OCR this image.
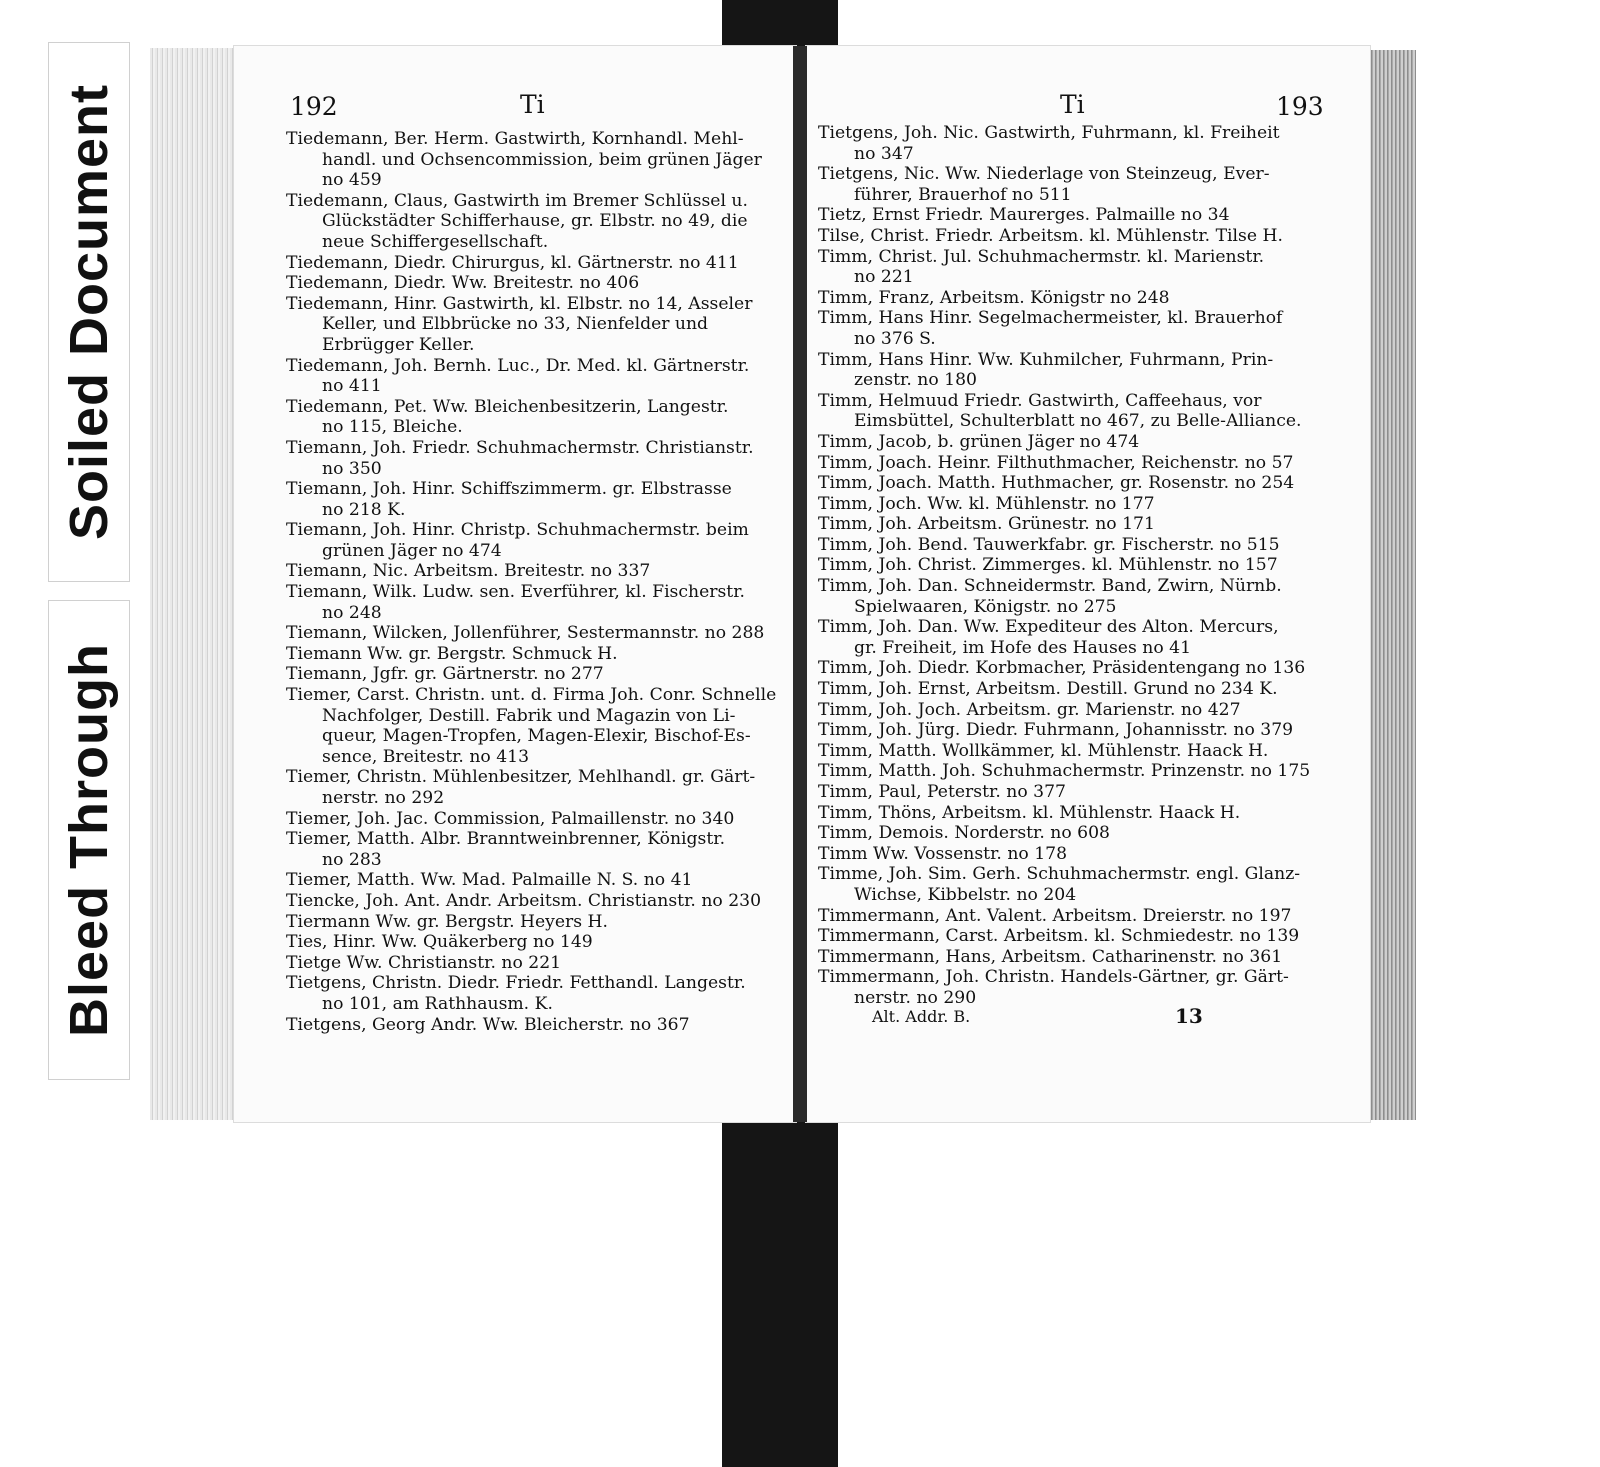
Soiled Document
Bleed Through
192	Ti	Ti	193
Tiedemann, Ber. Herm. Gastwirth, Kornhandl. Mehl-
handl. und Ochsencommission, beim grünen Jäger
no 459
Tiedemann, Claus, Gastwirth im Bremer Schlüssel u.
Glückstädter Schifferhause, gr. Elbstr. no 49, die
neue Schiffergesellschaft.
Tiedemann, Diedr. Chirurgus, kl. Gärtnerstr. no 411
Tiedemann, Diedr. Ww. Breitestr. no 406
Tiedemann, Hinr. Gastwirth, kl. Elbstr. no 14, Asseler
Keller, und Elbbrücke no 33, Nienfelder und
Erbrügger Keller.
Tiedemann, Joh. Bernh. Luc., Dr. Med. kl. Gärtnerstr.
no 411
Tiedemann, Pet. Ww. Bleichenbesitzerin, Langestr.
no 115, Bleiche.
Tiemann, Joh. Friedr. Schuhmachermstr. Christianstr.
no 350
Tiemann, Joh. Hinr. Schiffszimmerm. gr. Elbstrasse
no 218 K.
Tiemann, Joh. Hinr. Christp. Schuhmachermstr. beim
grünen Jäger no 474
Tiemann, Nic. Arbeitsm. Breitestr. no 337
Tiemann, Wilk. Ludw. sen. Everführer, kl. Fischerstr.
no 248
Tiemann, Wilcken, Jollenführer, Sestermannstr. no 288
Tiemann Ww. gr. Bergstr. Schmuck H.
Tiemann, Jgfr. gr. Gärtnerstr. no 277
Tiemer, Carst. Christn. unt. d. Firma Joh. Conr. Schnelle
Nachfolger, Destill. Fabrik und Magazin von Li-
queur, Magen-Tropfen, Magen-Elexir, Bischof-Es-
sence, Breitestr. no 413
Tiemer, Christn. Mühlenbesitzer, Mehlhandl. gr. Gärt-
nerstr. no 292
Tiemer, Joh. Jac. Commission, Palmaillenstr. no 340
Tiemer, Matth. Albr. Branntweinbrenner, Königstr.
no 283
Tiemer, Matth. Ww. Mad. Palmaille N. S. no 41
Tiencke, Joh. Ant. Andr. Arbeitsm. Christianstr. no 230
Tiermann Ww. gr. Bergstr. Heyers H.
Ties, Hinr. Ww. Quäkerberg no 149
Tietge Ww. Christianstr. no 221
Tietgens, Christn. Diedr. Friedr. Fetthandl. Langestr.
no 101, am Rathhausm. K.
Tietgens, Georg Andr. Ww. Bleicherstr. no 367
Tietgens, Joh. Nic. Gastwirth, Fuhrmann, kl. Freiheit
no 347
Tietgens, Nic. Ww. Niederlage von Steinzeug, Ever-
führer, Brauerhof no 511
Tietz, Ernst Friedr. Maurerges. Palmaille no 34
Tilse, Christ. Friedr. Arbeitsm. kl. Mühlenstr. Tilse H.
Timm, Christ. Jul. Schuhmachermstr. kl. Marienstr.
no 221
Timm, Franz, Arbeitsm. Königstr no 248
Timm, Hans Hinr. Segelmachermeister, kl. Brauerhof
no 376 S.
Timm, Hans Hinr. Ww. Kuhmilcher, Fuhrmann, Prin-
zenstr. no 180
Timm, Helmuud Friedr. Gastwirth, Caffeehaus, vor
Eimsbüttel, Schulterblatt no 467, zu Belle-Alliance.
Timm, Jacob, b. grünen Jäger no 474
Timm, Joach. Heinr. Filthuthmacher, Reichenstr. no 57
Timm, Joach. Matth. Huthmacher, gr. Rosenstr. no 254
Timm, Joch. Ww. kl. Mühlenstr. no 177
Timm, Joh. Arbeitsm. Grünestr. no 171
Timm, Joh. Bend. Tauwerkfabr. gr. Fischerstr. no 515
Timm, Joh. Christ. Zimmerges. kl. Mühlenstr. no 157
Timm, Joh. Dan. Schneidermstr. Band, Zwirn, Nürnb.
Spielwaaren, Königstr. no 275
Timm, Joh. Dan. Ww. Expediteur des Alton. Mercurs,
gr. Freiheit, im Hofe des Hauses no 41
Timm, Joh. Diedr. Korbmacher, Präsidentengang no 136
Timm, Joh. Ernst, Arbeitsm. Destill. Grund no 234 K.
Timm, Joh. Joch. Arbeitsm. gr. Marienstr. no 427
Timm, Joh. Jürg. Diedr. Fuhrmann, Johannisstr. no 379
Timm, Matth. Wollkämmer, kl. Mühlenstr. Haack H.
Timm, Matth. Joh. Schuhmachermstr. Prinzenstr. no 175
Timm, Paul, Peterstr. no 377
Timm, Thöns, Arbeitsm. kl. Mühlenstr. Haack H.
Timm, Demois. Norderstr. no 608
Timm Ww. Vossenstr. no 178
Timme, Joh. Sim. Gerh. Schuhmachermstr. engl. Glanz-
Wichse, Kibbelstr. no 204
Timmermann, Ant. Valent. Arbeitsm. Dreierstr. no 197
Timmermann, Carst. Arbeitsm. kl. Schmiedestr. no 139
Timmermann, Hans, Arbeitsm. Catharinenstr. no 361
Timmermann, Joh. Christn. Handels-Gärtner, gr. Gärt-
nerstr. no 290
Alt. Addr. B.	13
